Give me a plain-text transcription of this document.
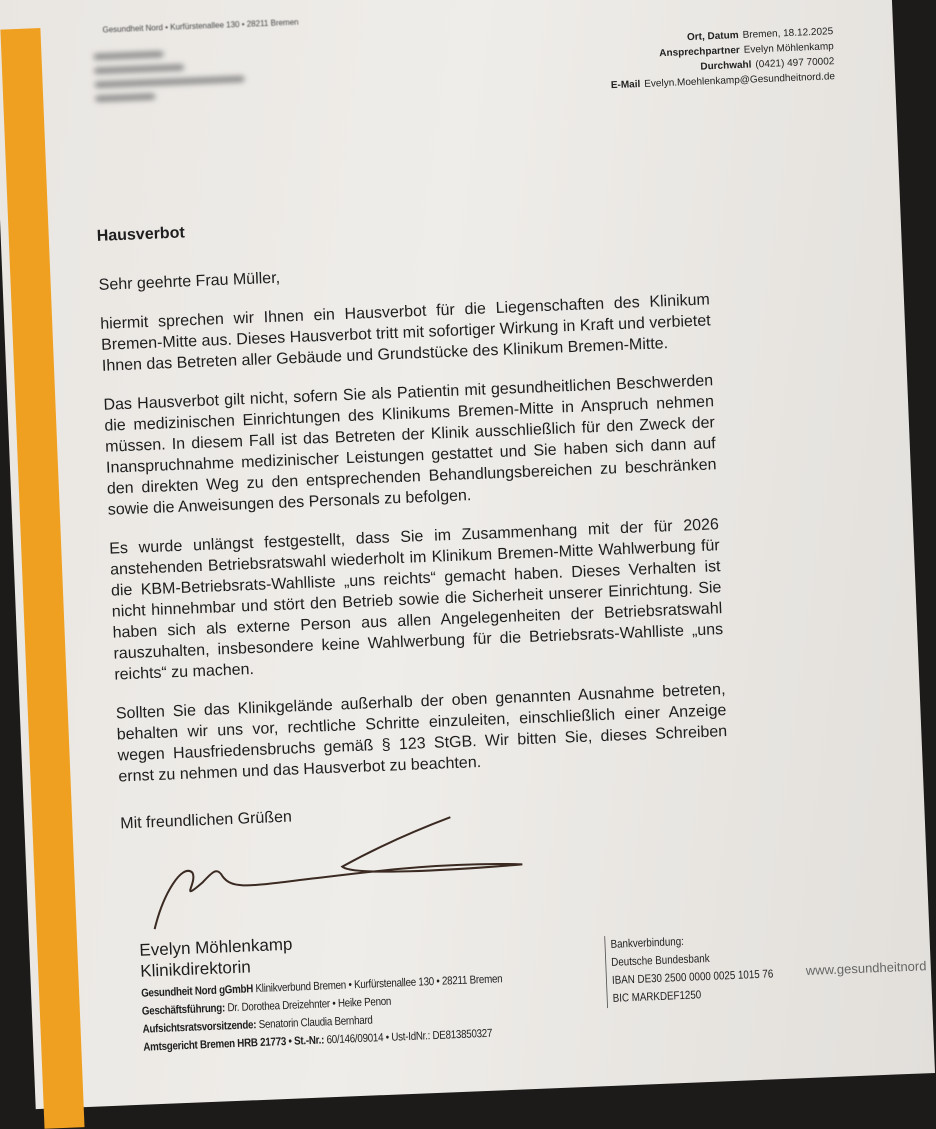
Gesundheit Nord • Kurfürstenallee 130 • 28211 Bremen
Ort, Datum Bremen, 18.12.2025
Ansprechpartner Evelyn Möhlenkamp
Durchwahl (0421) 497 70002
E-Mail Evelyn.Moehlenkamp@Gesundheitnord.de
Hausverbot

Sehr geehrte Frau Müller,

hiermit sprechen wir Ihnen ein Hausverbot für die Liegenschaften des Klinikum Bremen-Mitte aus. Dieses Hausverbot tritt mit sofortiger Wirkung in Kraft und verbietet Ihnen das Betreten aller Gebäude und Grundstücke des Klinikum Bremen-Mitte.

Das Hausverbot gilt nicht, sofern Sie als Patientin mit gesundheitlichen Beschwerden die medizinischen Einrichtungen des Klinikums Bremen-Mitte in Anspruch nehmen müssen. In diesem Fall ist das Betreten der Klinik ausschließlich für den Zweck der Inanspruchnahme medizinischer Leistungen gestattet und Sie haben sich dann auf den direkten Weg zu den entsprechenden Behandlungsbereichen zu beschränken sowie die Anweisungen des Personals zu befolgen.

Es wurde unlängst festgestellt, dass Sie im Zusammenhang mit der für 2026 anstehenden Betriebsratswahl wiederholt im Klinikum Bremen-Mitte Wahlwerbung für die KBM-Betriebsrats-Wahlliste „uns reichts“ gemacht haben. Dieses Verhalten ist nicht hinnehmbar und stört den Betrieb sowie die Sicherheit unserer Einrichtung. Sie haben sich als externe Person aus allen Angelegenheiten der Betriebsratswahl rauszuhalten, insbesondere keine Wahlwerbung für die Betriebsrats-Wahlliste „uns reichts“ zu machen.

Sollten Sie das Klinikgelände außerhalb der oben genannten Ausnahme betreten, behalten wir uns vor, rechtliche Schritte einzuleiten, einschließlich einer Anzeige wegen Hausfriedensbruchs gemäß § 123 StGB. Wir bitten Sie, dieses Schreiben ernst zu nehmen und das Hausverbot zu beachten.

Mit freundlichen Grüßen

Evelyn Möhlenkamp
Klinikdirektorin
Gesundheit Nord gGmbH Klinikverbund Bremen • Kurfürstenallee 130 • 28211 Bremen
Geschäftsführung: Dr. Dorothea Dreizehnter • Heike Penon
Aufsichtsratsvorsitzende: Senatorin Claudia Bernhard
Amtsgericht Bremen HRB 21773 • St.-Nr.: 60/146/09014 • Ust-IdNr.: DE813850327
Bankverbindung:
Deutsche Bundesbank
IBAN DE30 2500 0000 0025 1015 76
BIC MARKDEF1250
www.gesundheitnord
